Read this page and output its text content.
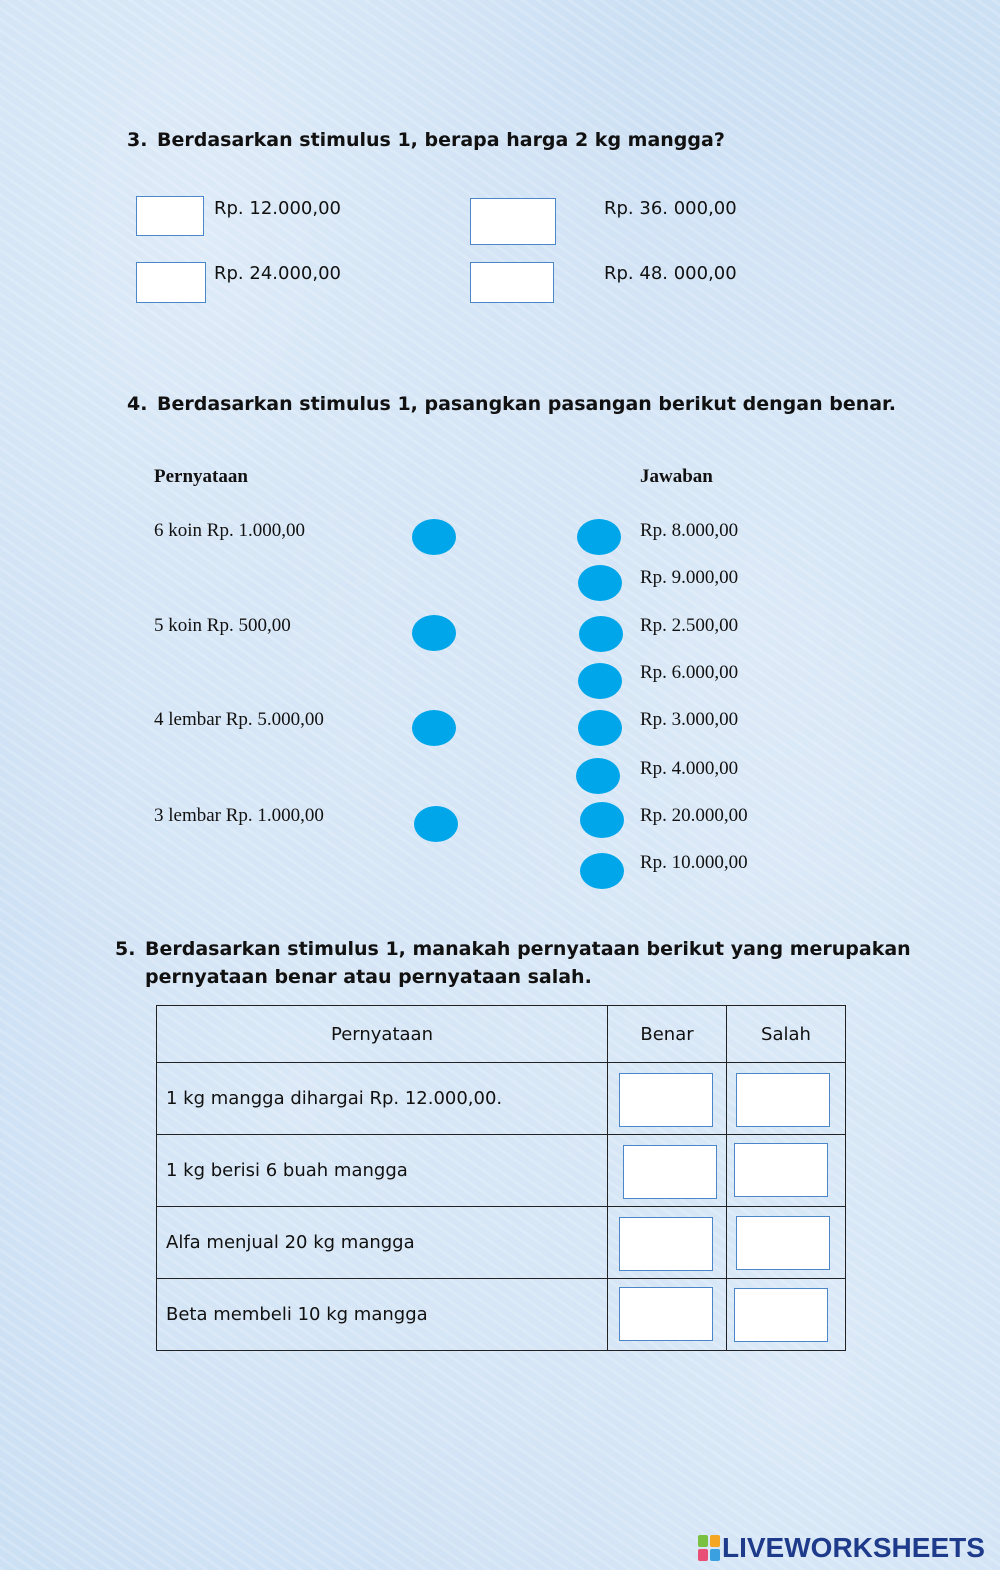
3. Berdasarkan stimulus 1, berapa harga 2 kg mangga?
Rp. 12.000,00
Rp. 24.000,00
Rp. 36. 000,00
Rp. 48. 000,00
4. Berdasarkan stimulus 1, pasangkan pasangan berikut dengan benar.
Pernyataan	Jawaban
6 koin Rp. 1.000,00
5 koin Rp. 500,00
4 lembar Rp. 5.000,00
3 lembar Rp. 1.000,00
Rp. 8.000,00
Rp. 9.000,00
Rp. 2.500,00
Rp. 6.000,00
Rp. 3.000,00
Rp. 4.000,00
Rp. 20.000,00
Rp. 10.000,00
5. Berdasarkan stimulus 1, manakah pernyataan berikut yang merupakan
pernyataan benar atau pernyataan salah.
Pernyataan	Benar	Salah
1 kg mangga dihargai Rp. 12.000,00.	

1 kg berisi 6 buah mangga	

Alfa menjual 20 kg mangga	

Beta membeli 10 kg mangga	

LIVEWORKSHEETS
